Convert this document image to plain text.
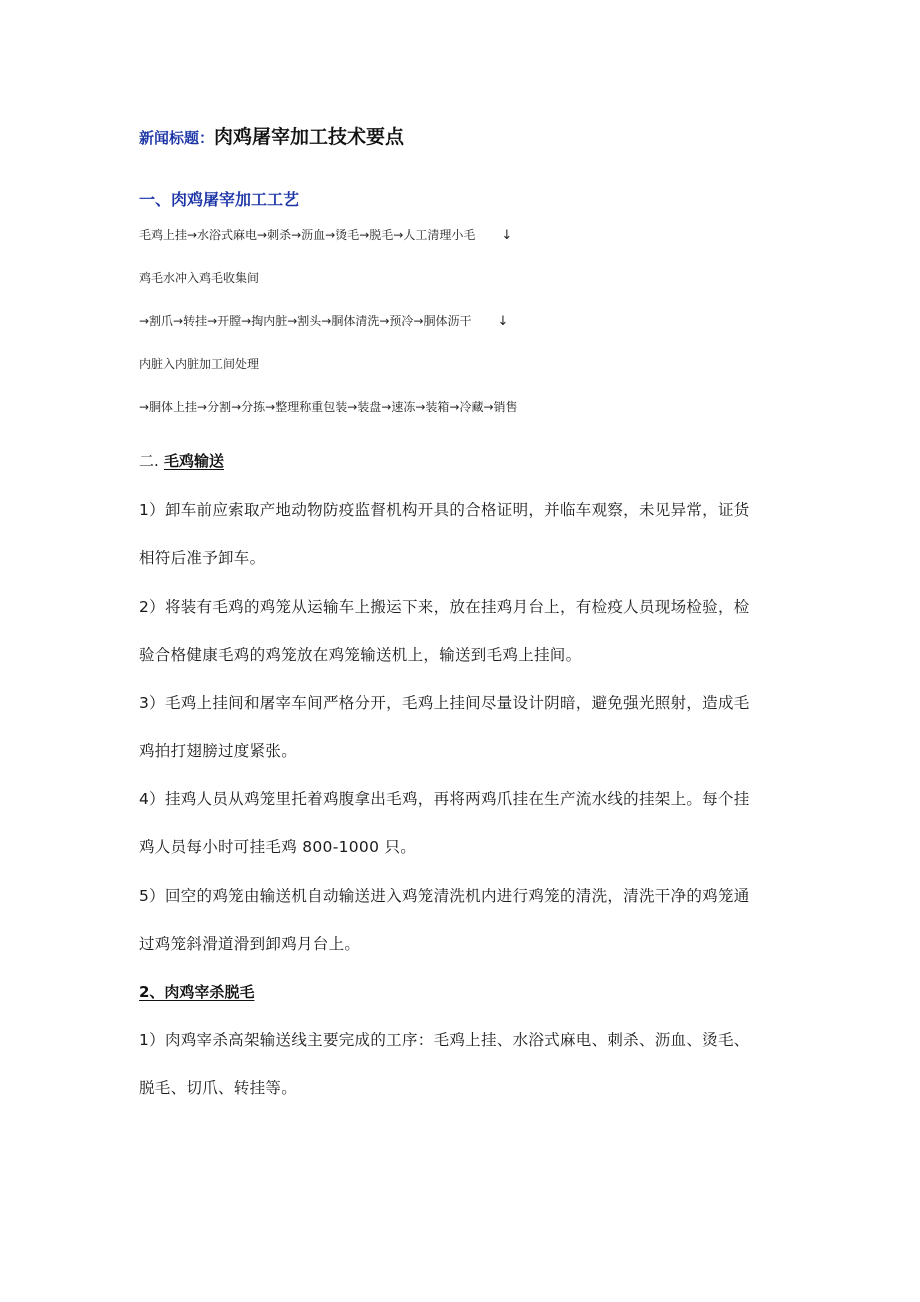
新闻标题：肉鸡屠宰加工技术要点
一、肉鸡屠宰加工工艺
毛鸡上挂→水浴式麻电→刺杀→沥血→烫毛→脱毛→人工清理小毛 ↓
鸡毛水冲入鸡毛收集间
→割爪→转挂→开膛→掏内脏→割头→胴体清洗→预冷→胴体沥干 ↓
内脏入内脏加工间处理
→胴体上挂→分割→分拣→整理称重包装→装盘→速冻→装箱→冷藏→销售
二. 毛鸡输送
1）卸车前应索取产地动物防疫监督机构开具的合格证明，并临车观察，未见异常，证货
相符后准予卸车。
2）将装有毛鸡的鸡笼从运输车上搬运下来，放在挂鸡月台上，有检疫人员现场检验，检
验合格健康毛鸡的鸡笼放在鸡笼输送机上，输送到毛鸡上挂间。
3）毛鸡上挂间和屠宰车间严格分开，毛鸡上挂间尽量设计阴暗，避免强光照射，造成毛
鸡拍打翅膀过度紧张。
4）挂鸡人员从鸡笼里托着鸡腹拿出毛鸡，再将两鸡爪挂在生产流水线的挂架上。每个挂
鸡人员每小时可挂毛鸡 800-1000 只。
5）回空的鸡笼由输送机自动输送进入鸡笼清洗机内进行鸡笼的清洗，清洗干净的鸡笼通
过鸡笼斜滑道滑到卸鸡月台上。
2、肉鸡宰杀脱毛
1）肉鸡宰杀高架输送线主要完成的工序：毛鸡上挂、水浴式麻电、刺杀、沥血、烫毛、
脱毛、切爪、转挂等。
